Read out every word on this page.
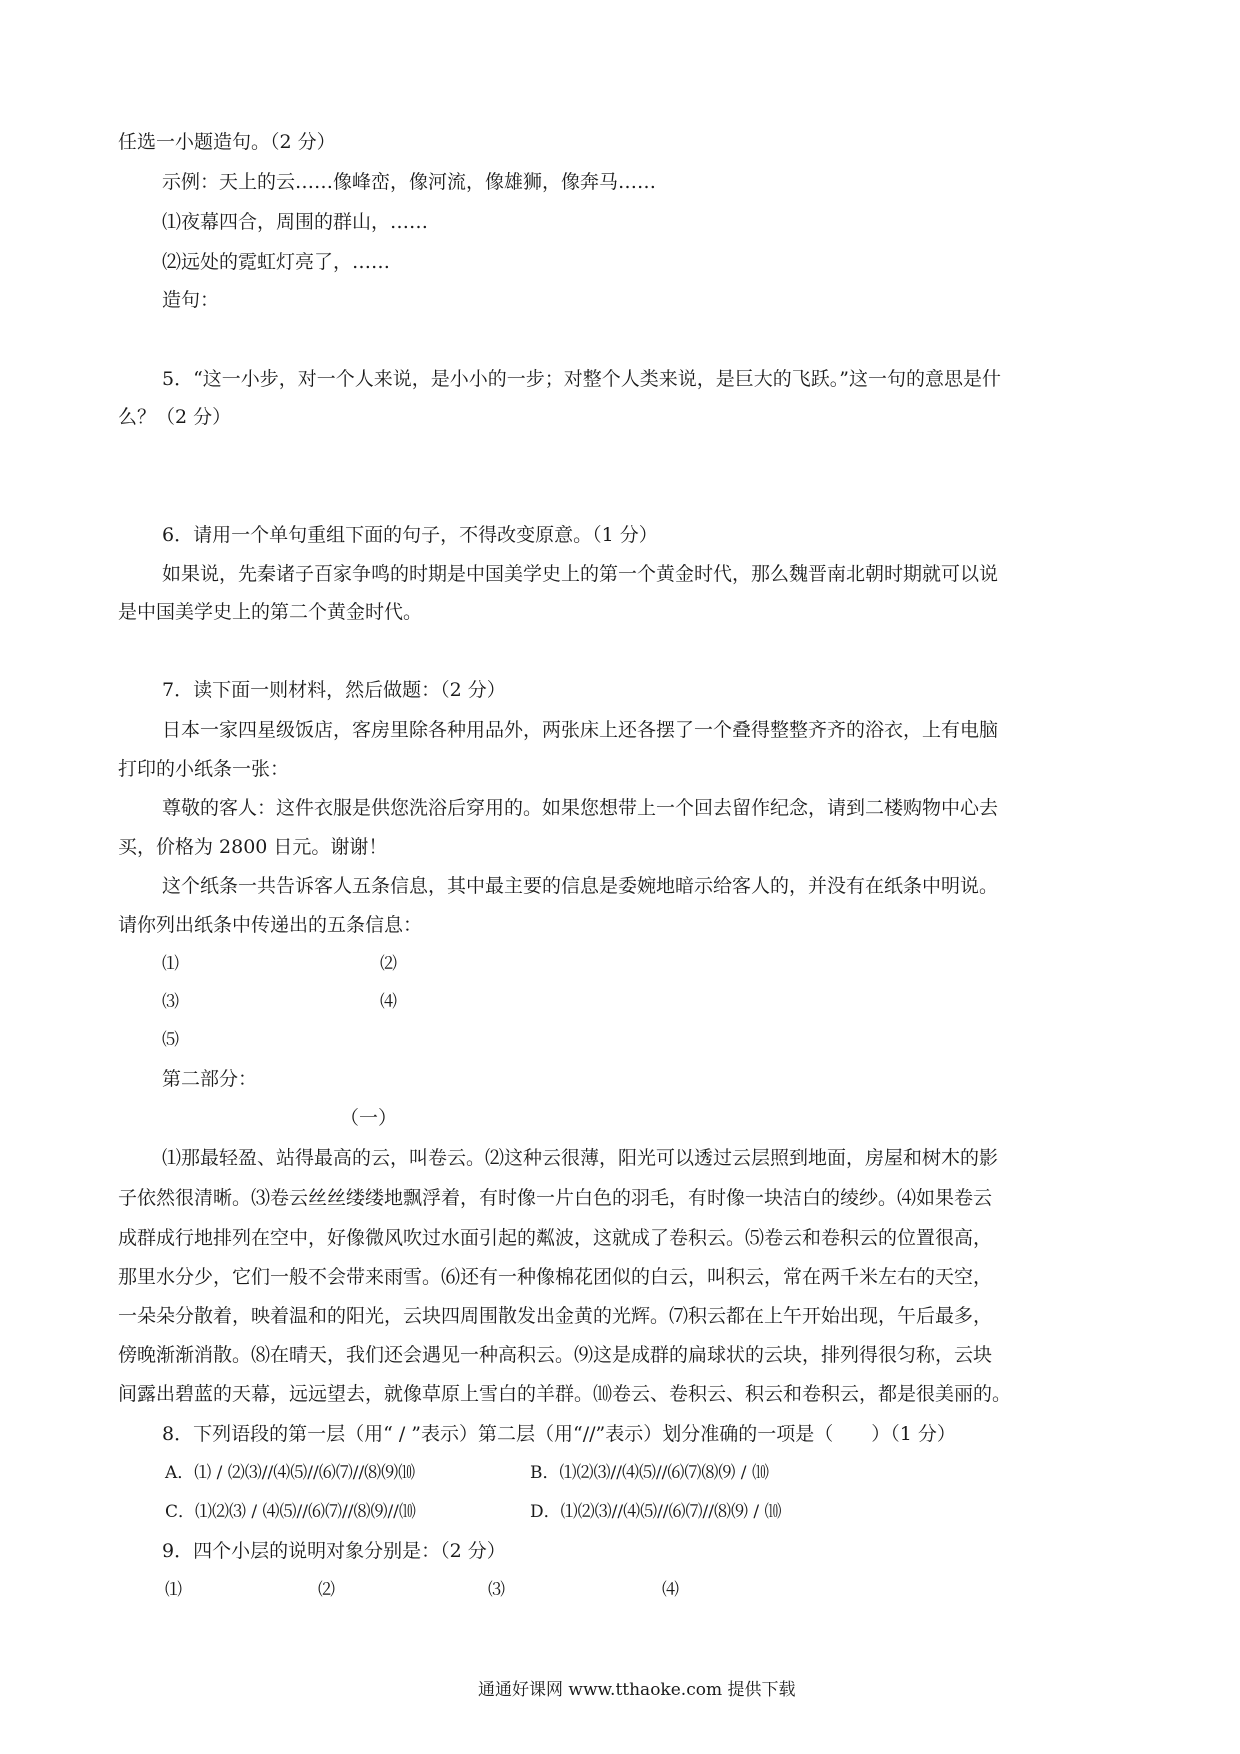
任选一小题造句。（2 分）
示例：天上的云……像峰峦，像河流，像雄狮，像奔马……
⑴夜幕四合，周围的群山，……
⑵远处的霓虹灯亮了，……
造句：
5．“这一小步，对一个人来说，是小小的一步；对整个人类来说，是巨大的飞跃。”这一句的意思是什
么？（2 分）
6．请用一个单句重组下面的句子，不得改变原意。（1 分）
如果说，先秦诸子百家争鸣的时期是中国美学史上的第一个黄金时代，那么魏晋南北朝时期就可以说
是中国美学史上的第二个黄金时代。
7．读下面一则材料，然后做题：（2 分）
日本一家四星级饭店，客房里除各种用品外，两张床上还各摆了一个叠得整整齐齐的浴衣，上有电脑
打印的小纸条一张：
尊敬的客人：这件衣服是供您洗浴后穿用的。如果您想带上一个回去留作纪念，请到二楼购物中心去
买，价格为 2800 日元。谢谢！
这个纸条一共告诉客人五条信息，其中最主要的信息是委婉地暗示给客人的，并没有在纸条中明说。
请你列出纸条中传递出的五条信息：
⑴	⑵
⑶	⑷
⑸
第二部分：
（一）
⑴那最轻盈、站得最高的云，叫卷云。⑵这种云很薄，阳光可以透过云层照到地面，房屋和树木的影
子依然很清晰。⑶卷云丝丝缕缕地飘浮着，有时像一片白色的羽毛，有时像一块洁白的绫纱。⑷如果卷云
成群成行地排列在空中，好像微风吹过水面引起的粼波，这就成了卷积云。⑸卷云和卷积云的位置很高，
那里水分少，它们一般不会带来雨雪。⑹还有一种像棉花团似的白云，叫积云，常在两千米左右的天空，
一朵朵分散着，映着温和的阳光，云块四周围散发出金黄的光辉。⑺积云都在上午开始出现，午后最多，
傍晚渐渐消散。⑻在晴天，我们还会遇见一种高积云。⑼这是成群的扁球状的云块，排列得很匀称，云块
间露出碧蓝的天幕，远远望去，就像草原上雪白的羊群。⑽卷云、卷积云、积云和卷积云，都是很美丽的。
8．下列语段的第一层（用“ / ”表示）第二层（用“//”表示）划分准确的一项是（　　）（1 分）
A．⑴ / ⑵⑶//⑷⑸//⑹⑺//⑻⑼⑽	B．⑴⑵⑶//⑷⑸//⑹⑺⑻⑼ / ⑽
C．⑴⑵⑶ / ⑷⑸//⑹⑺//⑻⑼//⑽	D．⑴⑵⑶//⑷⑸//⑹⑺//⑻⑼ / ⑽
9．四个小层的说明对象分别是：（2 分）
⑴	⑵	⑶	⑷
通通好课网 www.tthaoke.com 提供下载
